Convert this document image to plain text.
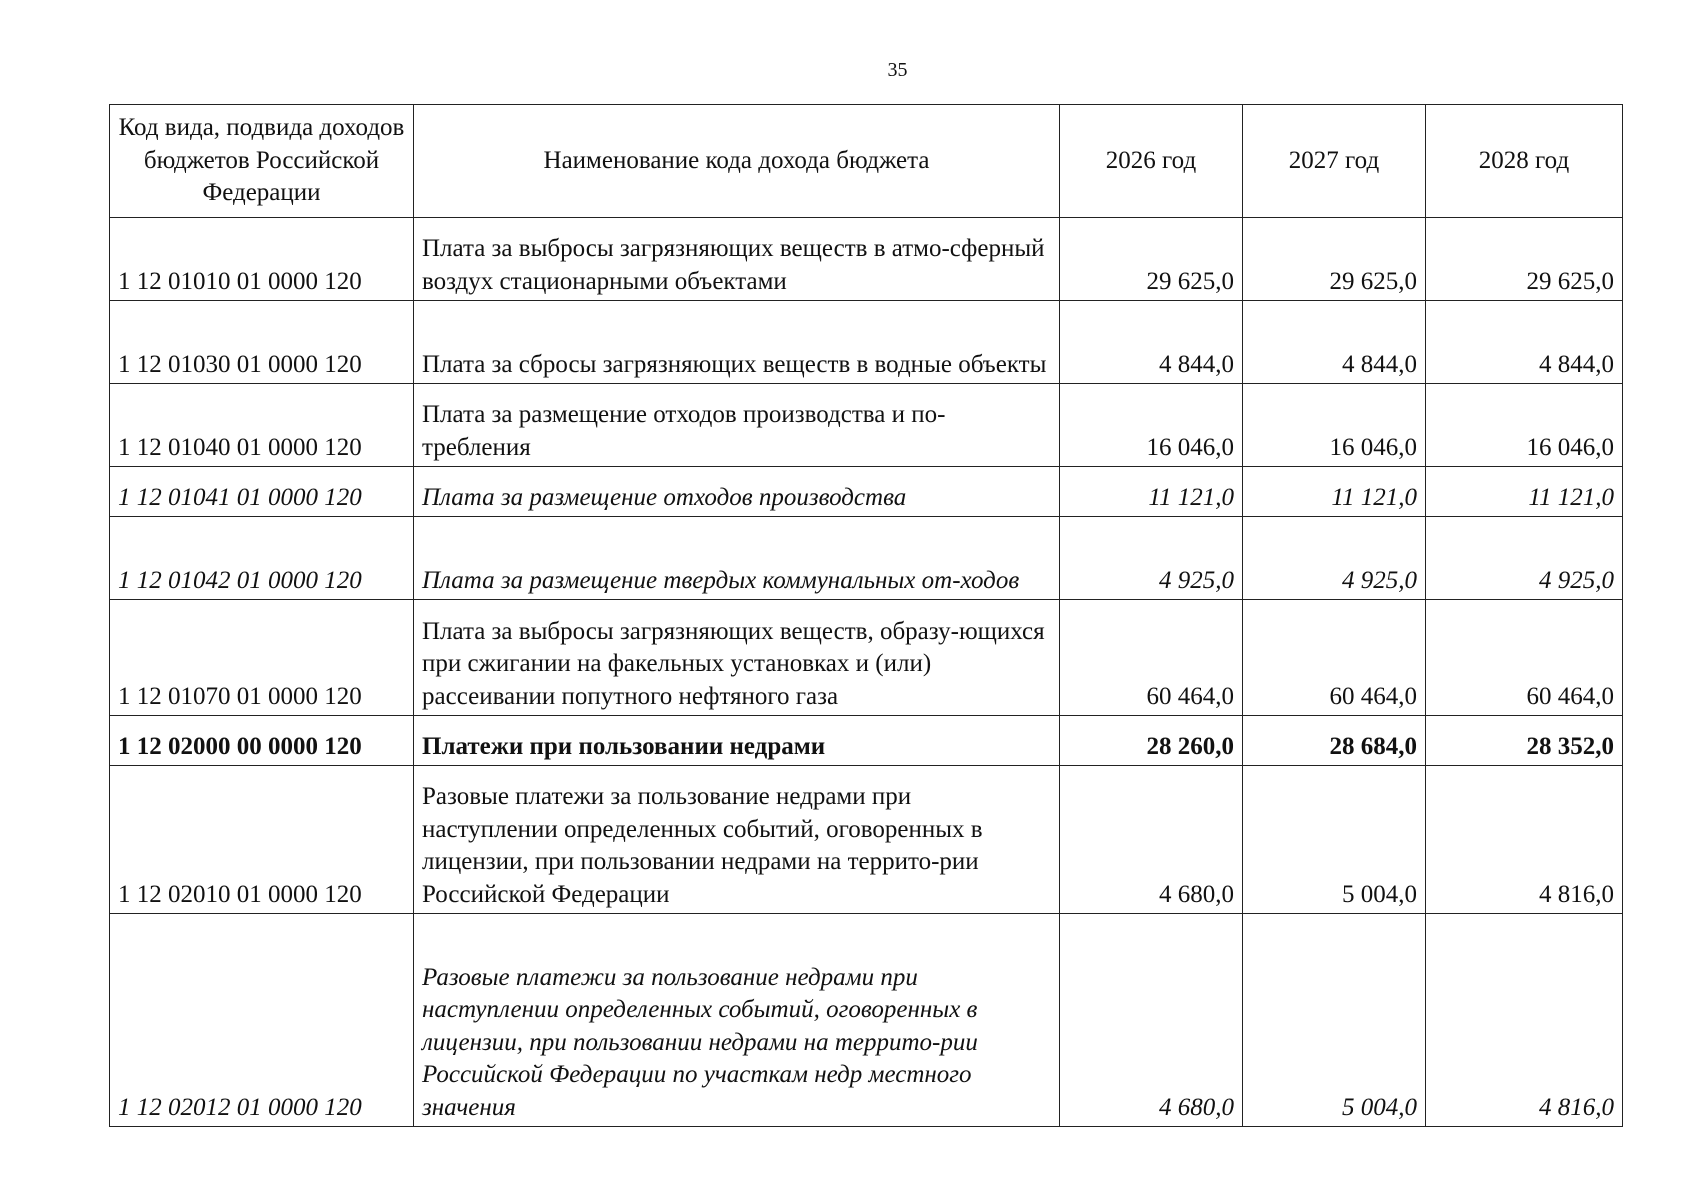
35
Код вида, подвида доходов бюджетов Российской Федерации	Наименование кода дохода бюджета	2026 год	2027 год	2028 год
1 12 01010 01 0000 120	Плата за выбросы загрязняющих веществ в атмо-сферный воздух стационарными объектами	29 625,0	29 625,0	29 625,0
1 12 01030 01 0000 120	Плата за сбросы загрязняющих веществ в водные объекты	4 844,0	4 844,0	4 844,0
1 12 01040 01 0000 120	Плата за размещение отходов производства и по-требления	16 046,0	16 046,0	16 046,0
1 12 01041 01 0000 120	Плата за размещение отходов производства	11 121,0	11 121,0	11 121,0
1 12 01042 01 0000 120	Плата за размещение твердых коммунальных от-ходов	4 925,0	4 925,0	4 925,0
1 12 01070 01 0000 120	Плата за выбросы загрязняющих веществ, образу-ющихся при сжигании на факельных установках и (или) рассеивании попутного нефтяного газа	60 464,0	60 464,0	60 464,0
1 12 02000 00 0000 120	Платежи при пользовании недрами	28 260,0	28 684,0	28 352,0
1 12 02010 01 0000 120	Разовые платежи за пользование недрами при наступлении определенных событий, оговоренных в лицензии, при пользовании недрами на террито-рии Российской Федерации	4 680,0	5 004,0	4 816,0
1 12 02012 01 0000 120	Разовые платежи за пользование недрами при наступлении определенных событий, оговоренных в лицензии, при пользовании недрами на террито-рии Российской Федерации по участкам недр местного значения	4 680,0	5 004,0	4 816,0
